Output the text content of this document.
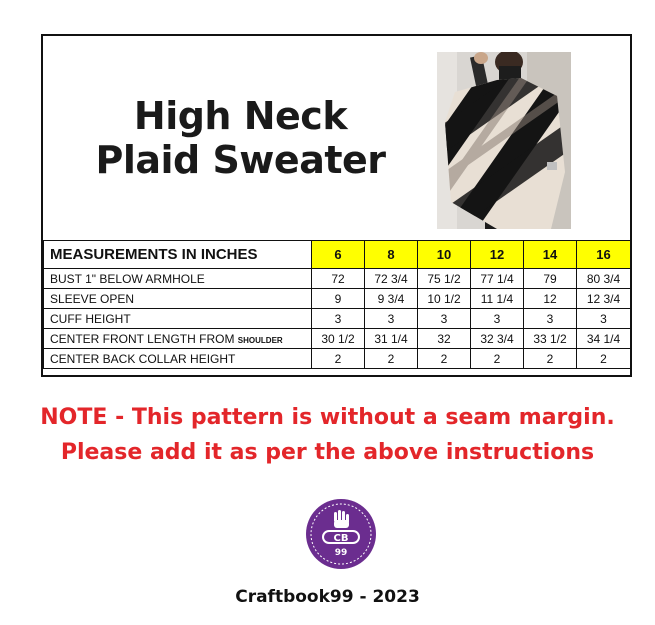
High Neck
Plaid Sweater
MEASUREMENTS IN INCHES	6	8	10	12	14	16
BUST 1" BELOW ARMHOLE	72	72 3/4	75 1/2	77 1/4	79	80 3/4
SLEEVE OPEN	9	9 3/4	10 1/2	11 1/4	12	12 3/4
CUFF HEIGHT	3	3	3	3	3	3
CENTER FRONT LENGTH FROM SHOULDER	30 1/2	31 1/4	32	32 3/4	33 1/2	34 1/4
CENTER BACK COLLAR HEIGHT	2	2	2	2	2	2
NOTE - This pattern is without a seam margin.
Please add it as per the above instructions
CB
99
Craftbook99 - 2023
